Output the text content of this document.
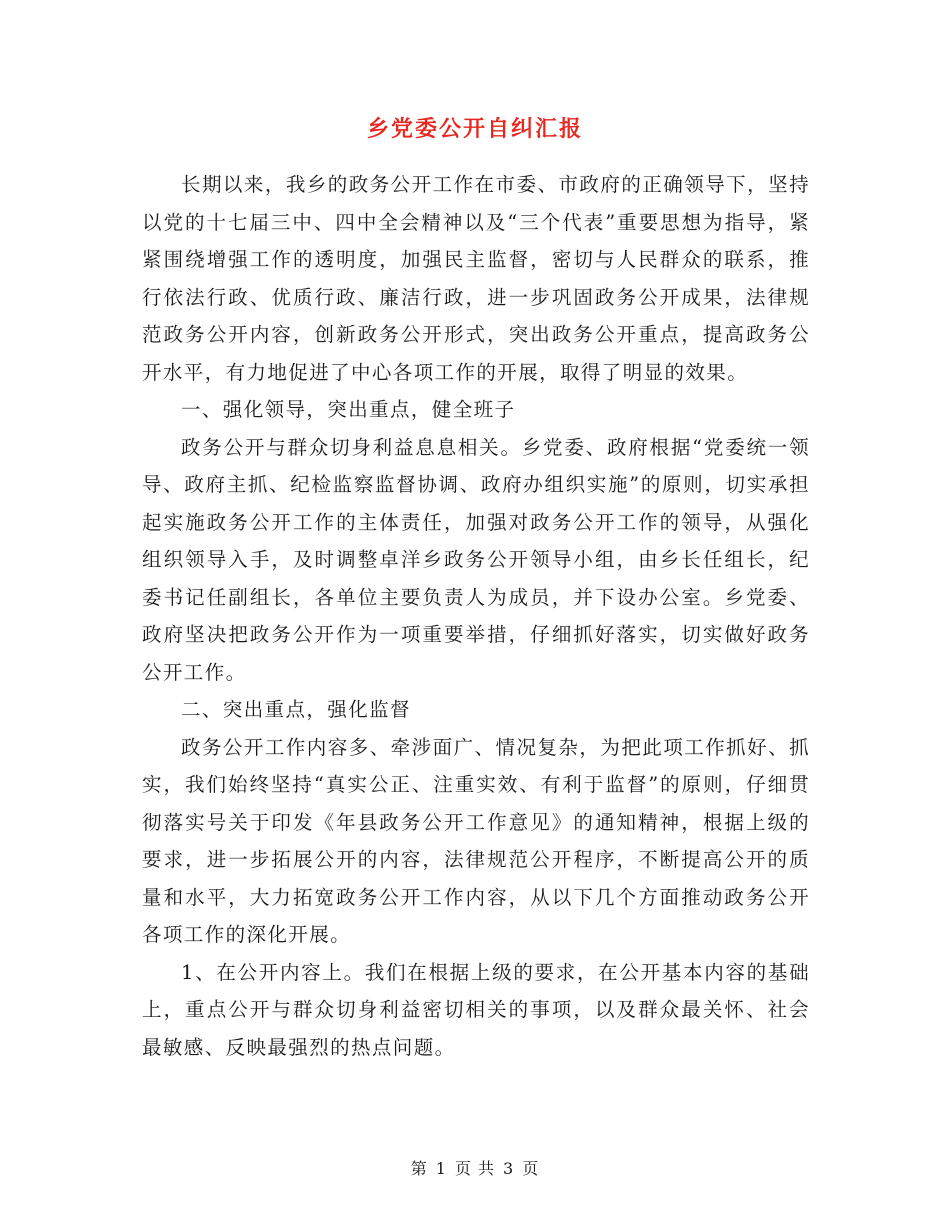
乡党委公开自纠汇报

长期以来，我乡的政务公开工作在市委、市政府的正确领导下，坚持以党的十七届三中、四中全会精神以及“三个代表”重要思想为指导，紧紧围绕增强工作的透明度，加强民主监督，密切与人民群众的联系，推行依法行政、优质行政、廉洁行政，进一步巩固政务公开成果，法律规范政务公开内容，创新政务公开形式，突出政务公开重点，提高政务公开水平，有力地促进了中心各项工作的开展，取得了明显的效果。

一、强化领导，突出重点，健全班子

政务公开与群众切身利益息息相关。乡党委、政府根据“党委统一领导、政府主抓、纪检监察监督协调、政府办组织实施”的原则，切实承担起实施政务公开工作的主体责任，加强对政务公开工作的领导，从强化组织领导入手，及时调整卓洋乡政务公开领导小组，由乡长任组长，纪委书记任副组长，各单位主要负责人为成员，并下设办公室。乡党委、政府坚决把政务公开作为一项重要举措，仔细抓好落实，切实做好政务公开工作。

二、突出重点，强化监督

政务公开工作内容多、牵涉面广、情况复杂，为把此项工作抓好、抓实，我们始终坚持“真实公正、注重实效、有利于监督”的原则，仔细贯彻落实号关于印发《年县政务公开工作意见》的通知精神，根据上级的要求，进一步拓展公开的内容，法律规范公开程序，不断提高公开的质量和水平，大力拓宽政务公开工作内容，从以下几个方面推动政务公开各项工作的深化开展。

1、在公开内容上。我们在根据上级的要求，在公开基本内容的基础上，重点公开与群众切身利益密切相关的事项，以及群众最关怀、社会最敏感、反映最强烈的热点问题。

第 1 页 共 3 页
